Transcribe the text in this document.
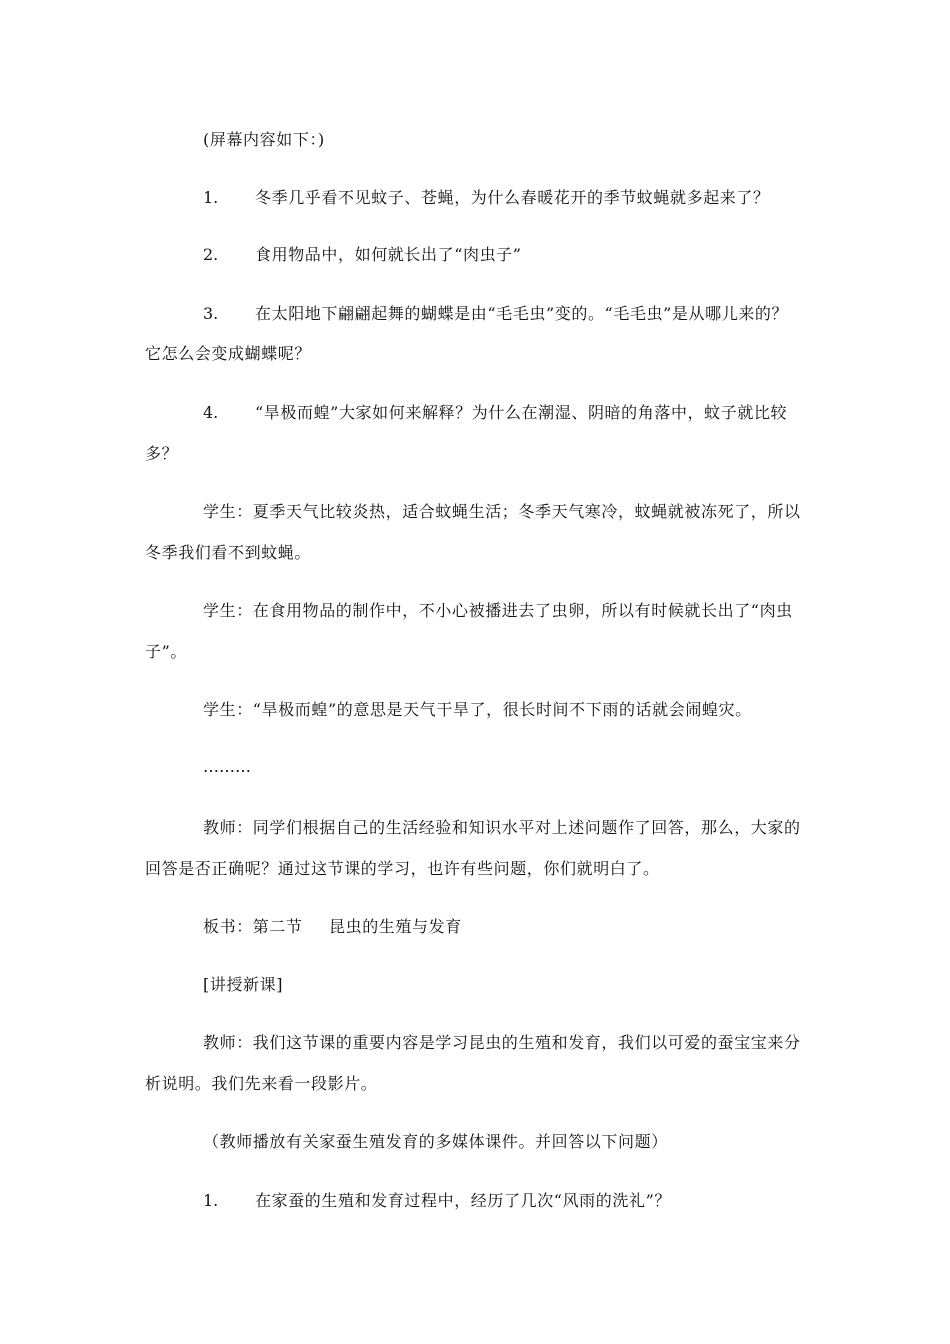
(屏幕内容如下：)
1. 冬季几乎看不见蚊子、苍蝇，为什么春暖花开的季节蚊蝇就多起来了？
2. 食用物品中，如何就长出了“肉虫子”
3. 在太阳地下翩翩起舞的蝴蝶是由“毛毛虫”变的。“毛毛虫”是从哪儿来的？
它怎么会变成蝴蝶呢？
4. “旱极而蝗”大家如何来解释？为什么在潮湿、阴暗的角落中，蚊子就比较
多？
学生：夏季天气比较炎热，适合蚊蝇生活；冬季天气寒冷，蚊蝇就被冻死了，所以
冬季我们看不到蚊蝇。
学生：在食用物品的制作中，不小心被播进去了虫卵，所以有时候就长出了“肉虫
子”。
学生：“旱极而蝗”的意思是天气干旱了，很长时间不下雨的话就会闹蝗灾。
………
教师：同学们根据自己的生活经验和知识水平对上述问题作了回答，那么，大家的
回答是否正确呢？通过这节课的学习，也许有些问题，你们就明白了。
板书：第二节 昆虫的生殖与发育
[讲授新课]
教师：我们这节课的重要内容是学习昆虫的生殖和发育，我们以可爱的蚕宝宝来分
析说明。我们先来看一段影片。
（教师播放有关家蚕生殖发育的多媒体课件。并回答以下问题）
1. 在家蚕的生殖和发育过程中，经历了几次“风雨的洗礼”？
